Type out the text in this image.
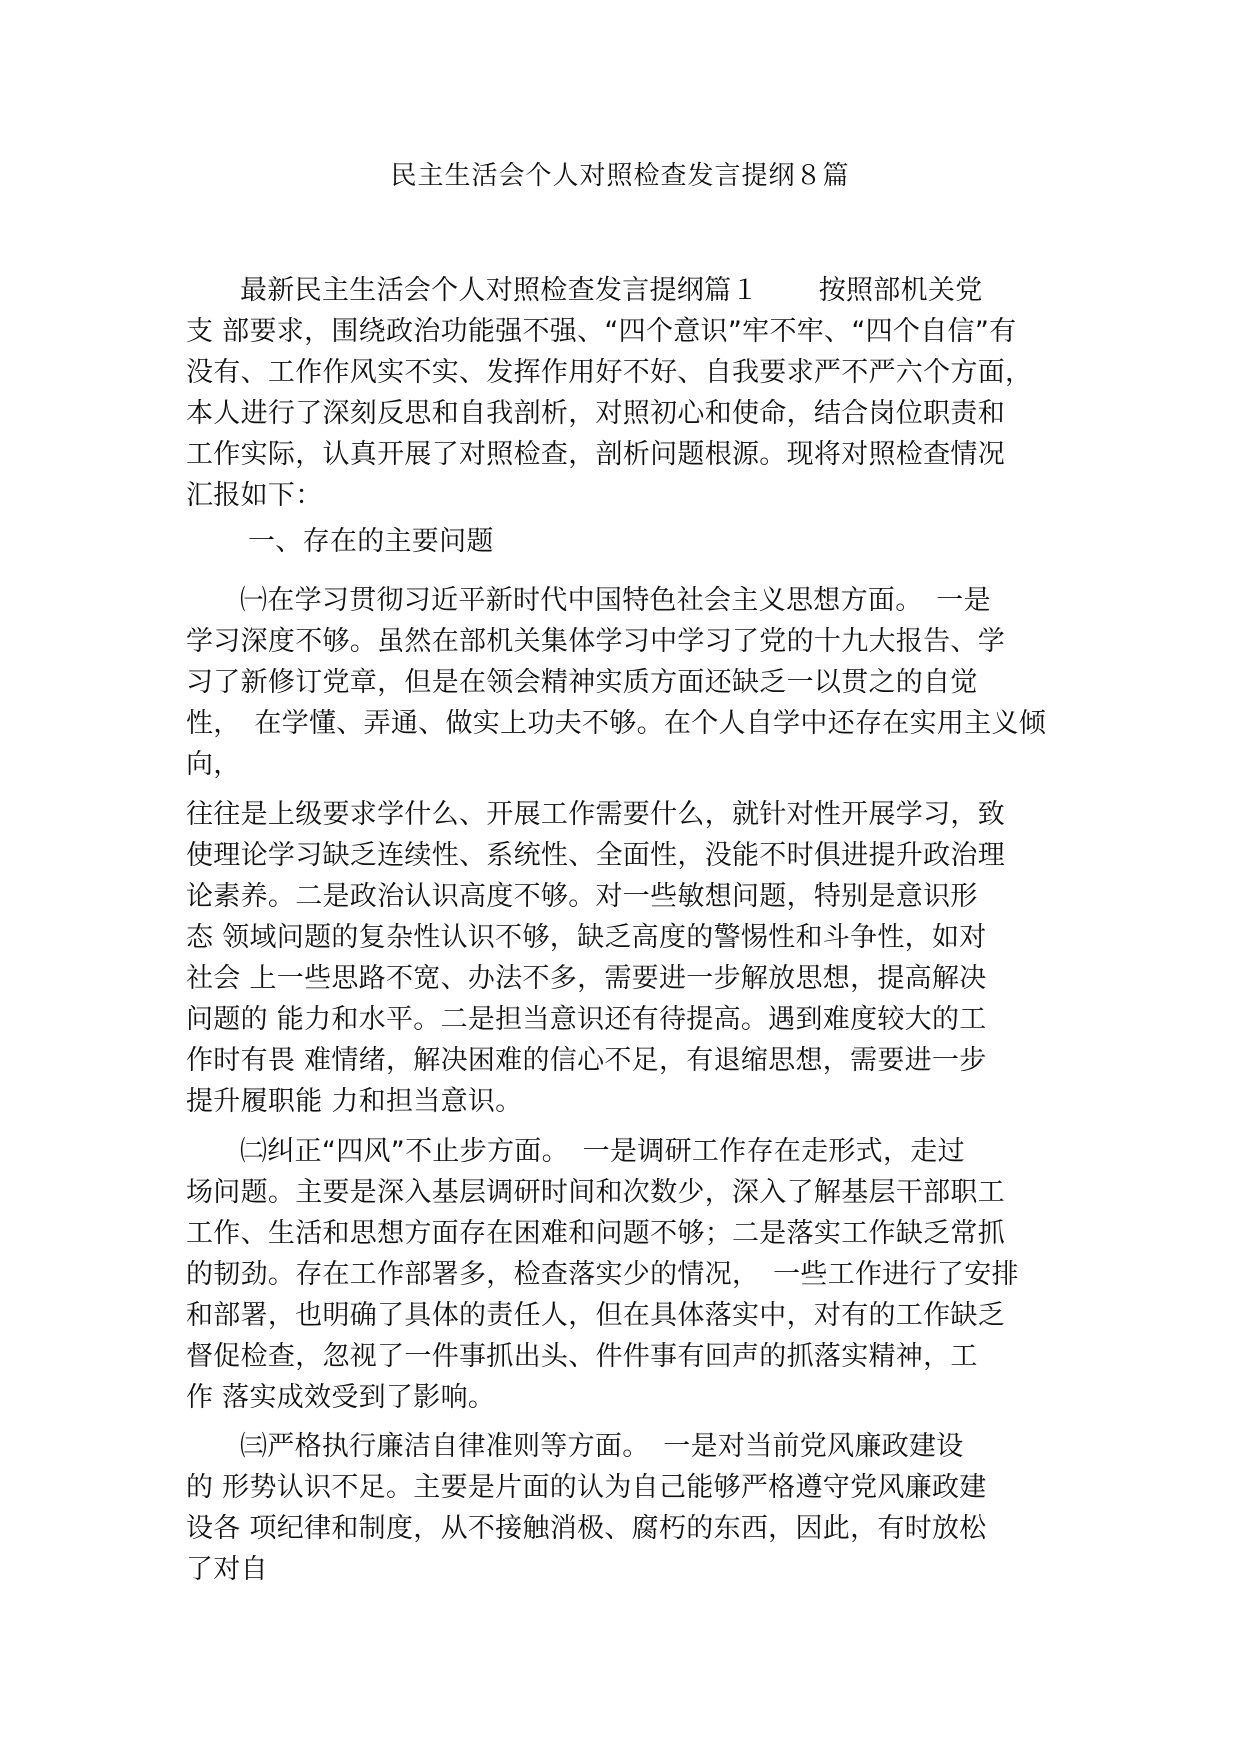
民主生活会个人对照检查发言提纲８篇

最新民主生活会个人对照检查发言提纲篇１ 按照部机关党
支 部要求，围绕政治功能强不强、“四个意识”牢不牢、“四个自信”有
没有、工作作风实不实、发挥作用好不好、自我要求严不严六个方面，
本人进行了深刻反思和自我剖析，对照初心和使命，结合岗位职责和
工作实际，认真开展了对照检查，剖析问题根源。现将对照检查情况
汇报如下：

一、存在的主要问题

㈠在学习贯彻习近平新时代中国特色社会主义思想方面。　一是
学习深度不够。虽然在部机关集体学习中学习了党的十九大报告、学
习了新修订党章，但是在领会精神实质方面还缺乏一以贯之的自觉
性，　在学懂、弄通、做实上功夫不够。在个人自学中还存在实用主义倾
向，

往往是上级要求学什么、开展工作需要什么，就针对性开展学习，致
使理论学习缺乏连续性、系统性、全面性，没能不时俱进提升政治理
论素养。二是政治认识高度不够。对一些敏想问题，特别是意识形
态 领域问题的复杂性认识不够，缺乏高度的警惕性和斗争性，如对
社会 上一些思路不宽、办法不多，需要进一步解放思想，提高解决
问题的 能力和水平。二是担当意识还有待提高。遇到难度较大的工
作时有畏 难情绪，解决困难的信心不足，有退缩思想，需要进一步
提升履职能 力和担当意识。

㈡纠正“四风”不止步方面。　一是调研工作存在走形式，走过
场问题。主要是深入基层调研时间和次数少，深入了解基层干部职工
工作、生活和思想方面存在困难和问题不够；二是落实工作缺乏常抓
的韧劲。存在工作部署多，检查落实少的情况，　一些工作进行了安排
和部署，也明确了具体的责任人，但在具体落实中，对有的工作缺乏
督促检查，忽视了一件事抓出头、件件事有回声的抓落实精神，工
作 落实成效受到了影响。

㈢严格执行廉洁自律准则等方面。　一是对当前党风廉政建设
的 形势认识不足。主要是片面的认为自己能够严格遵守党风廉政建
设各 项纪律和制度，从不接触消极、腐朽的东西，因此，有时放松
了对自
